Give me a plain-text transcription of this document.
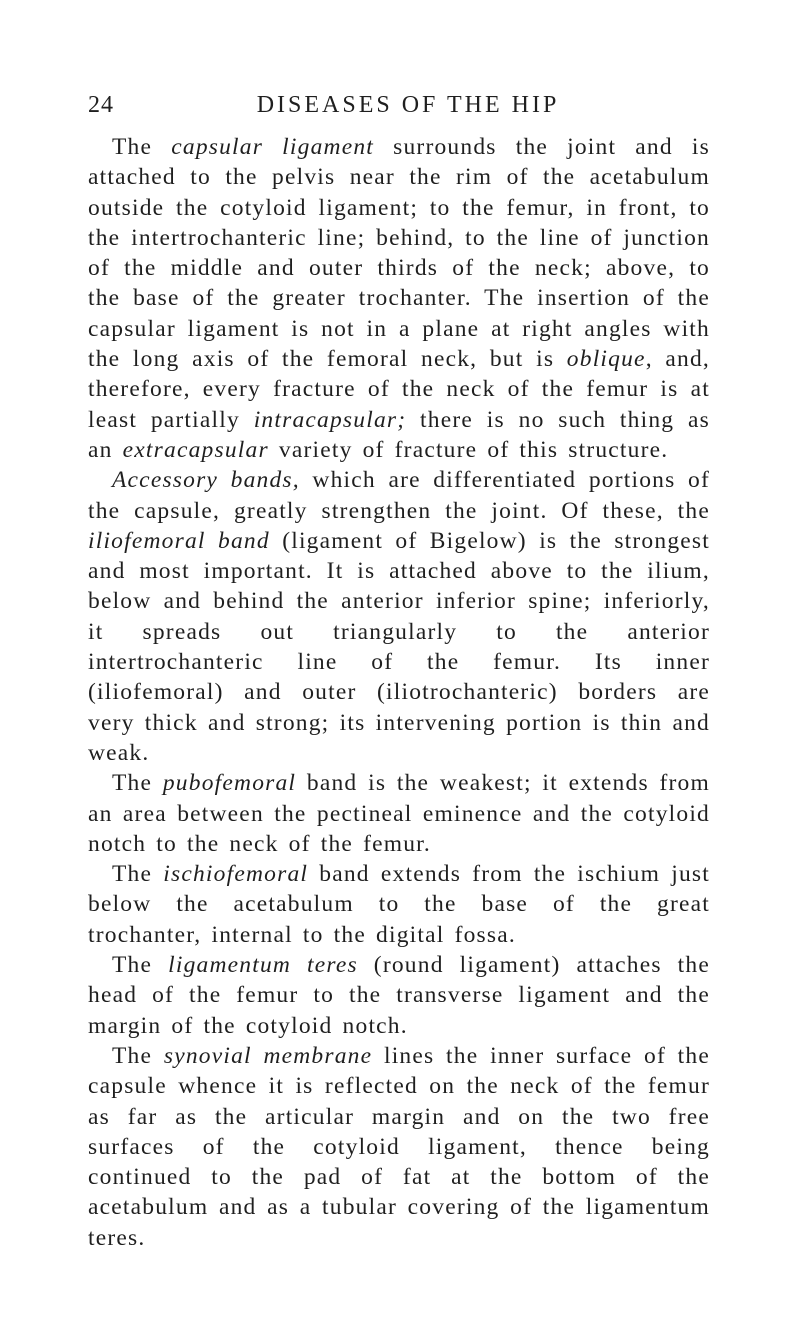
24	DISEASES OF THE HIP

The capsular ligament surrounds the joint and is attached to the pelvis near the rim of the acetabulum outside the cotyloid ligament; to the femur, in front, to the intertrochanteric line; behind, to the line of junction of the middle and outer thirds of the neck; above, to the base of the greater trochanter. The insertion of the capsular ligament is not in a plane at right angles with the long axis of the femoral neck, but is oblique, and, therefore, every fracture of the neck of the femur is at least partially intracapsular; there is no such thing as an extracapsular variety of fracture of this structure.

Accessory bands, which are differentiated portions of the capsule, greatly strengthen the joint. Of these, the iliofemoral band (ligament of Bigelow) is the strongest and most important. It is attached above to the ilium, below and behind the anterior inferior spine; inferiorly, it spreads out triangularly to the anterior intertrochanteric line of the femur. Its inner (iliofemoral) and outer (iliotrochanteric) borders are very thick and strong; its intervening portion is thin and weak.

The pubofemoral band is the weakest; it extends from an area between the pectineal eminence and the cotyloid notch to the neck of the femur.

The ischiofemoral band extends from the ischium just below the acetabulum to the base of the great trochanter, internal to the digital fossa.

The ligamentum teres (round ligament) attaches the head of the femur to the transverse ligament and the margin of the cotyloid notch.

The synovial membrane lines the inner surface of the capsule whence it is reflected on the neck of the femur as far as the articular margin and on the two free surfaces of the cotyloid ligament, thence being continued to the pad of fat at the bottom of the acetabulum and as a tubular covering of the ligamentum teres.
